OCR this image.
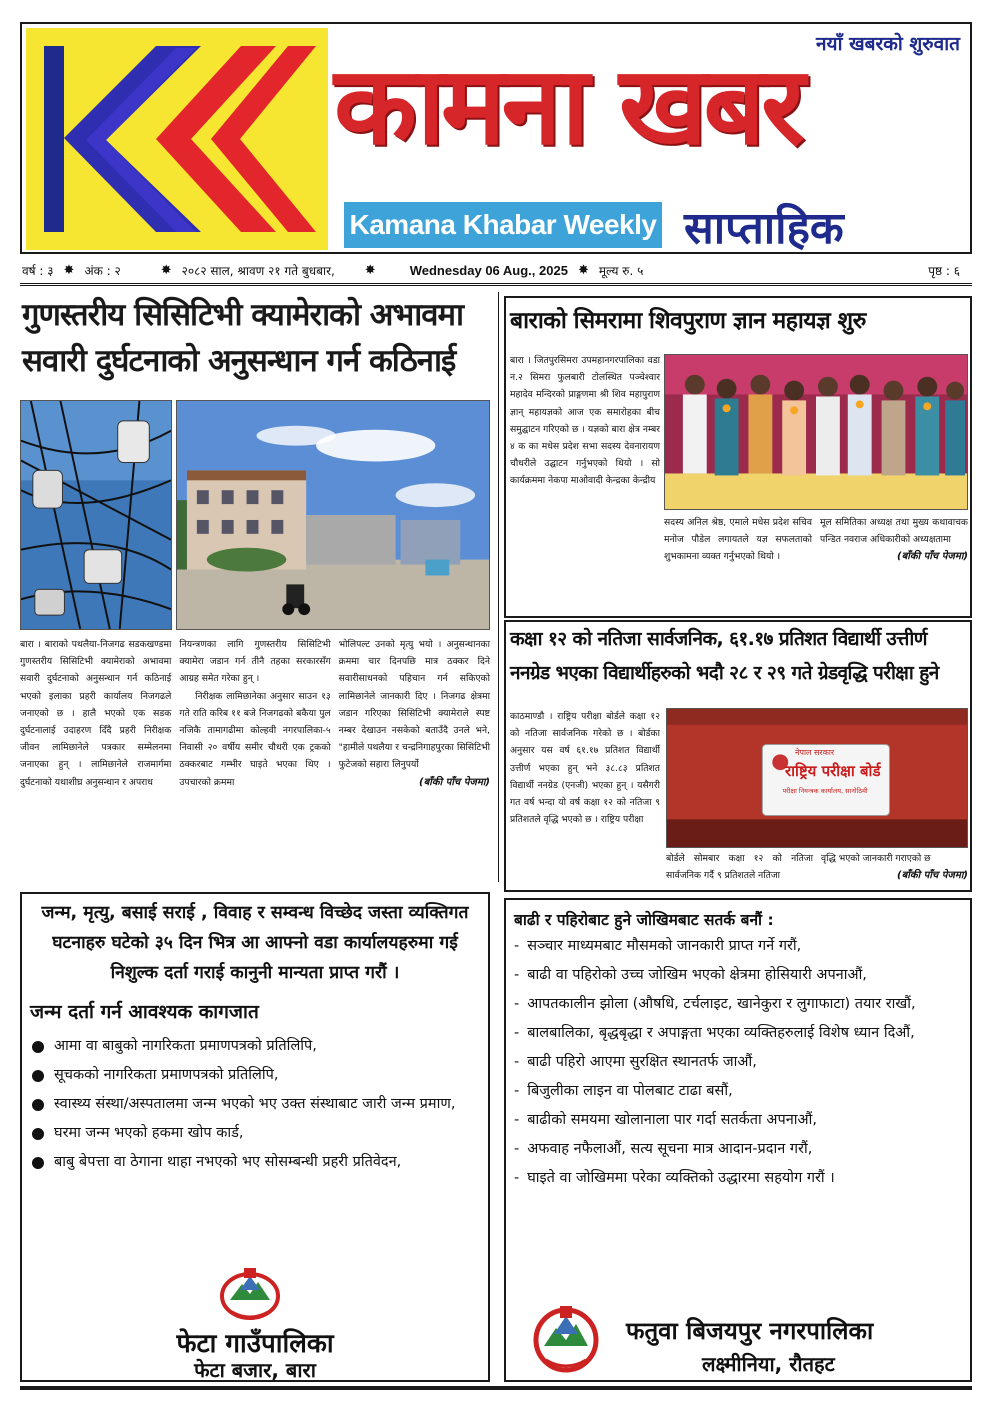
नयाँ खबरको शुरुवात
कामना खबर
Kamana Khabar Weekly साप्ताहिक
वर्ष : ३ ✸ अंक : २	✸ २०८२ साल, श्रावण २१ गते बुधबार, ✸	Wednesday 06 Aug., 2025 ✸ मूल्य रु. ५	पृष्ठ : ६
गुणस्तरीय सिसिटिभी क्यामेराको अभावमा
सवारी दुर्घटनाको अनुसन्धान गर्न कठिनाई

बारा । बाराको पथलैया-निजगढ सडकखण्डमा गुणस्तरीय सिसिटिभी क्यामेराको अभावमा सवारी दुर्घटनाको अनुसन्धान गर्न कठिनाई भएको इलाका प्रहरी कार्यालय निजगढले जनाएको छ । हालै भएको एक सडक दुर्घटनालाई उदाहरण दिँदै प्रहरी निरीक्षक जीवन लामिछानेले पत्रकार सम्मेलनमा जनाएका हुन् । लामिछानेले राजमार्गमा दुर्घटनाको यथाशीघ्र अनुसन्धान र अपराध

नियन्त्रणका लागि गुणस्तरीय सिसिटिभी क्यामेरा जडान गर्न तीनै तहका सरकारसँग आग्रह समेत गरेका हुन् ।
निरीक्षक लामिछानेका अनुसार साउन १३ गते राति करिब ११ बजे निजगढको बकैया पुल नजिकै तामागढीमा कोल्हवी नगरपालिका-५ निवासी २० वर्षीय समीर चौधरी एक ट्रकको ठक्करबाट गम्भीर घाइते भएका थिए । उपचारको क्रममा

भोलिपल्ट उनको मृत्यु भयो । अनुसन्धानका क्रममा चार दिनपछि मात्र ठक्कर दिने सवारीसाधनको पहिचान गर्न सकिएको लामिछानेले जानकारी दिए । निजगढ क्षेत्रमा जडान गरिएका सिसिटिभी क्यामेराले स्पष्ट नम्बर देखाउन नसकेको बताउँदै उनले भने, "हामीले पथलैया र चन्द्रनिगाहपुरका सिसिटिभी फुटेजको सहारा लिनुपर्यो

(बाँकी पाँच पेजमा)

बाराको सिमरामा शिवपुराण ज्ञान महायज्ञ शुरु

बारा । जितपुरसिमरा उपमहानगरपालिका वडा न.२ सिमरा फुलबारी टोलस्थित पञ्चेश्वार महादेव मन्दिरको प्राङ्गणमा श्री शिव महापुराण ज्ञान् महायज्ञको आज एक समारोहका बीच समुद्घाटन गरिएको छ । यज्ञको बारा क्षेत्र नम्बर ४ क का मधेस प्रदेश सभा सदस्य देवनारायण चौधरीले उद्घाटन गर्नुभएको थियो । सो कार्यक्रममा नेकपा माओवादी केन्द्रका केन्द्रीय

सदस्य अनिल श्रेष्ठ, एमाले मधेस प्रदेश सचिव मनोज पौडेल लगायतले यज्ञ सफलताको शुभकामना व्यक्त गर्नुभएको थियो ।

मूल समितिका अध्यक्ष तथा मुख्य कथावाचक पन्डित नवराज अधिकारीको अध्यक्षतामा

(बाँकी पाँच पेजमा)

कक्षा १२ को नतिजा सार्वजनिक, ६१.१७ प्रतिशत विद्यार्थी उत्तीर्ण
ननग्रेड भएका विद्यार्थीहरुको भदौ २८ र २९ गते ग्रेडवृद्धि परीक्षा हुने

काठमाण्डौ । राष्ट्रिय परीक्षा बोर्डले कक्षा १२ को नतिजा सार्वजनिक गरेको छ । बोर्डका अनुसार यस वर्ष ६१.१७ प्रतिशत विद्यार्थी उत्तीर्ण भएका हुन् भने ३८.८३ प्रतिशत विद्यार्थी ननग्रेड (एनजी) भएका हुन् । यसैगरी गत वर्ष भन्दा यो वर्ष कक्षा १२ को नतिजा ९ प्रतिशतले वृद्धि भएको छ । राष्ट्रिय परीक्षा

नेपाल सरकार
राष्ट्रिय परीक्षा बोर्ड
परीक्षा नियन्त्रक कार्यालय, सानोठिमी

बोर्डले सोमबार कक्षा १२ को नतिजा सार्वजनिक गर्दै ९ प्रतिशतले नतिजा

वृद्धि भएको जानकारी गराएको छ

(बाँकी पाँच पेजमा)

जन्म, मृत्यु, बसाई सराई , विवाह र सम्वन्ध विच्छेद जस्ता व्यक्तिगत घटनाहरु घटेको ३५ दिन भित्र आ आफ्नो वडा कार्यालयहरुमा गई निशुल्क दर्ता गराई कानुनी मान्यता प्राप्त गरौं ।

जन्म दर्ता गर्न आवश्यक कागजात
आमा वा बाबुको नागरिकता प्रमाणपत्रको प्रतिलिपि,
सूचकको नागरिकता प्रमाणपत्रको प्रतिलिपि,
स्वास्थ्य संस्था/अस्पतालमा जन्म भएको भए उक्त संस्थाबाट जारी जन्म प्रमाण,
घरमा जन्म भएको हकमा खोप कार्ड,
बाबु बेपत्ता वा ठेगाना थाहा नभएको भए सोसम्बन्धी प्रहरी प्रतिवेदन,
फेटा गाउँपालिका
फेटा बजार, बारा
बाढी र पहिरोबाट हुने जोखिमबाट सतर्क बनौं :
- सञ्चार माध्यमबाट मौसमको जानकारी प्राप्त गर्ने गरौं,
- बाढी वा पहिरोको उच्च जोखिम भएको क्षेत्रमा होसियारी अपनाऔं,
- आपतकालीन झोला (औषधि, टर्चलाइट, खानेकुरा र लुगाफाटा) तयार राखौं,
- बालबालिका, बृद्धबृद्धा र अपाङ्गता भएका व्यक्तिहरुलाई विशेष ध्यान दिऔं,
- बाढी पहिरो आएमा सुरक्षित स्थानतर्फ जाऔं,
- बिजुलीका लाइन वा पोलबाट टाढा बसौं,
- बाढीको समयमा खोलानाला पार गर्दा सतर्कता अपनाऔं,
- अफवाह नफैलाऔं, सत्य सूचना मात्र आदान-प्रदान गरौं,
- घाइते वा जोखिममा परेका व्यक्तिको उद्धारमा सहयोग गरौं ।
फतुवा बिजयपुर नगरपालिका
लक्ष्मीनिया, रौतहट
